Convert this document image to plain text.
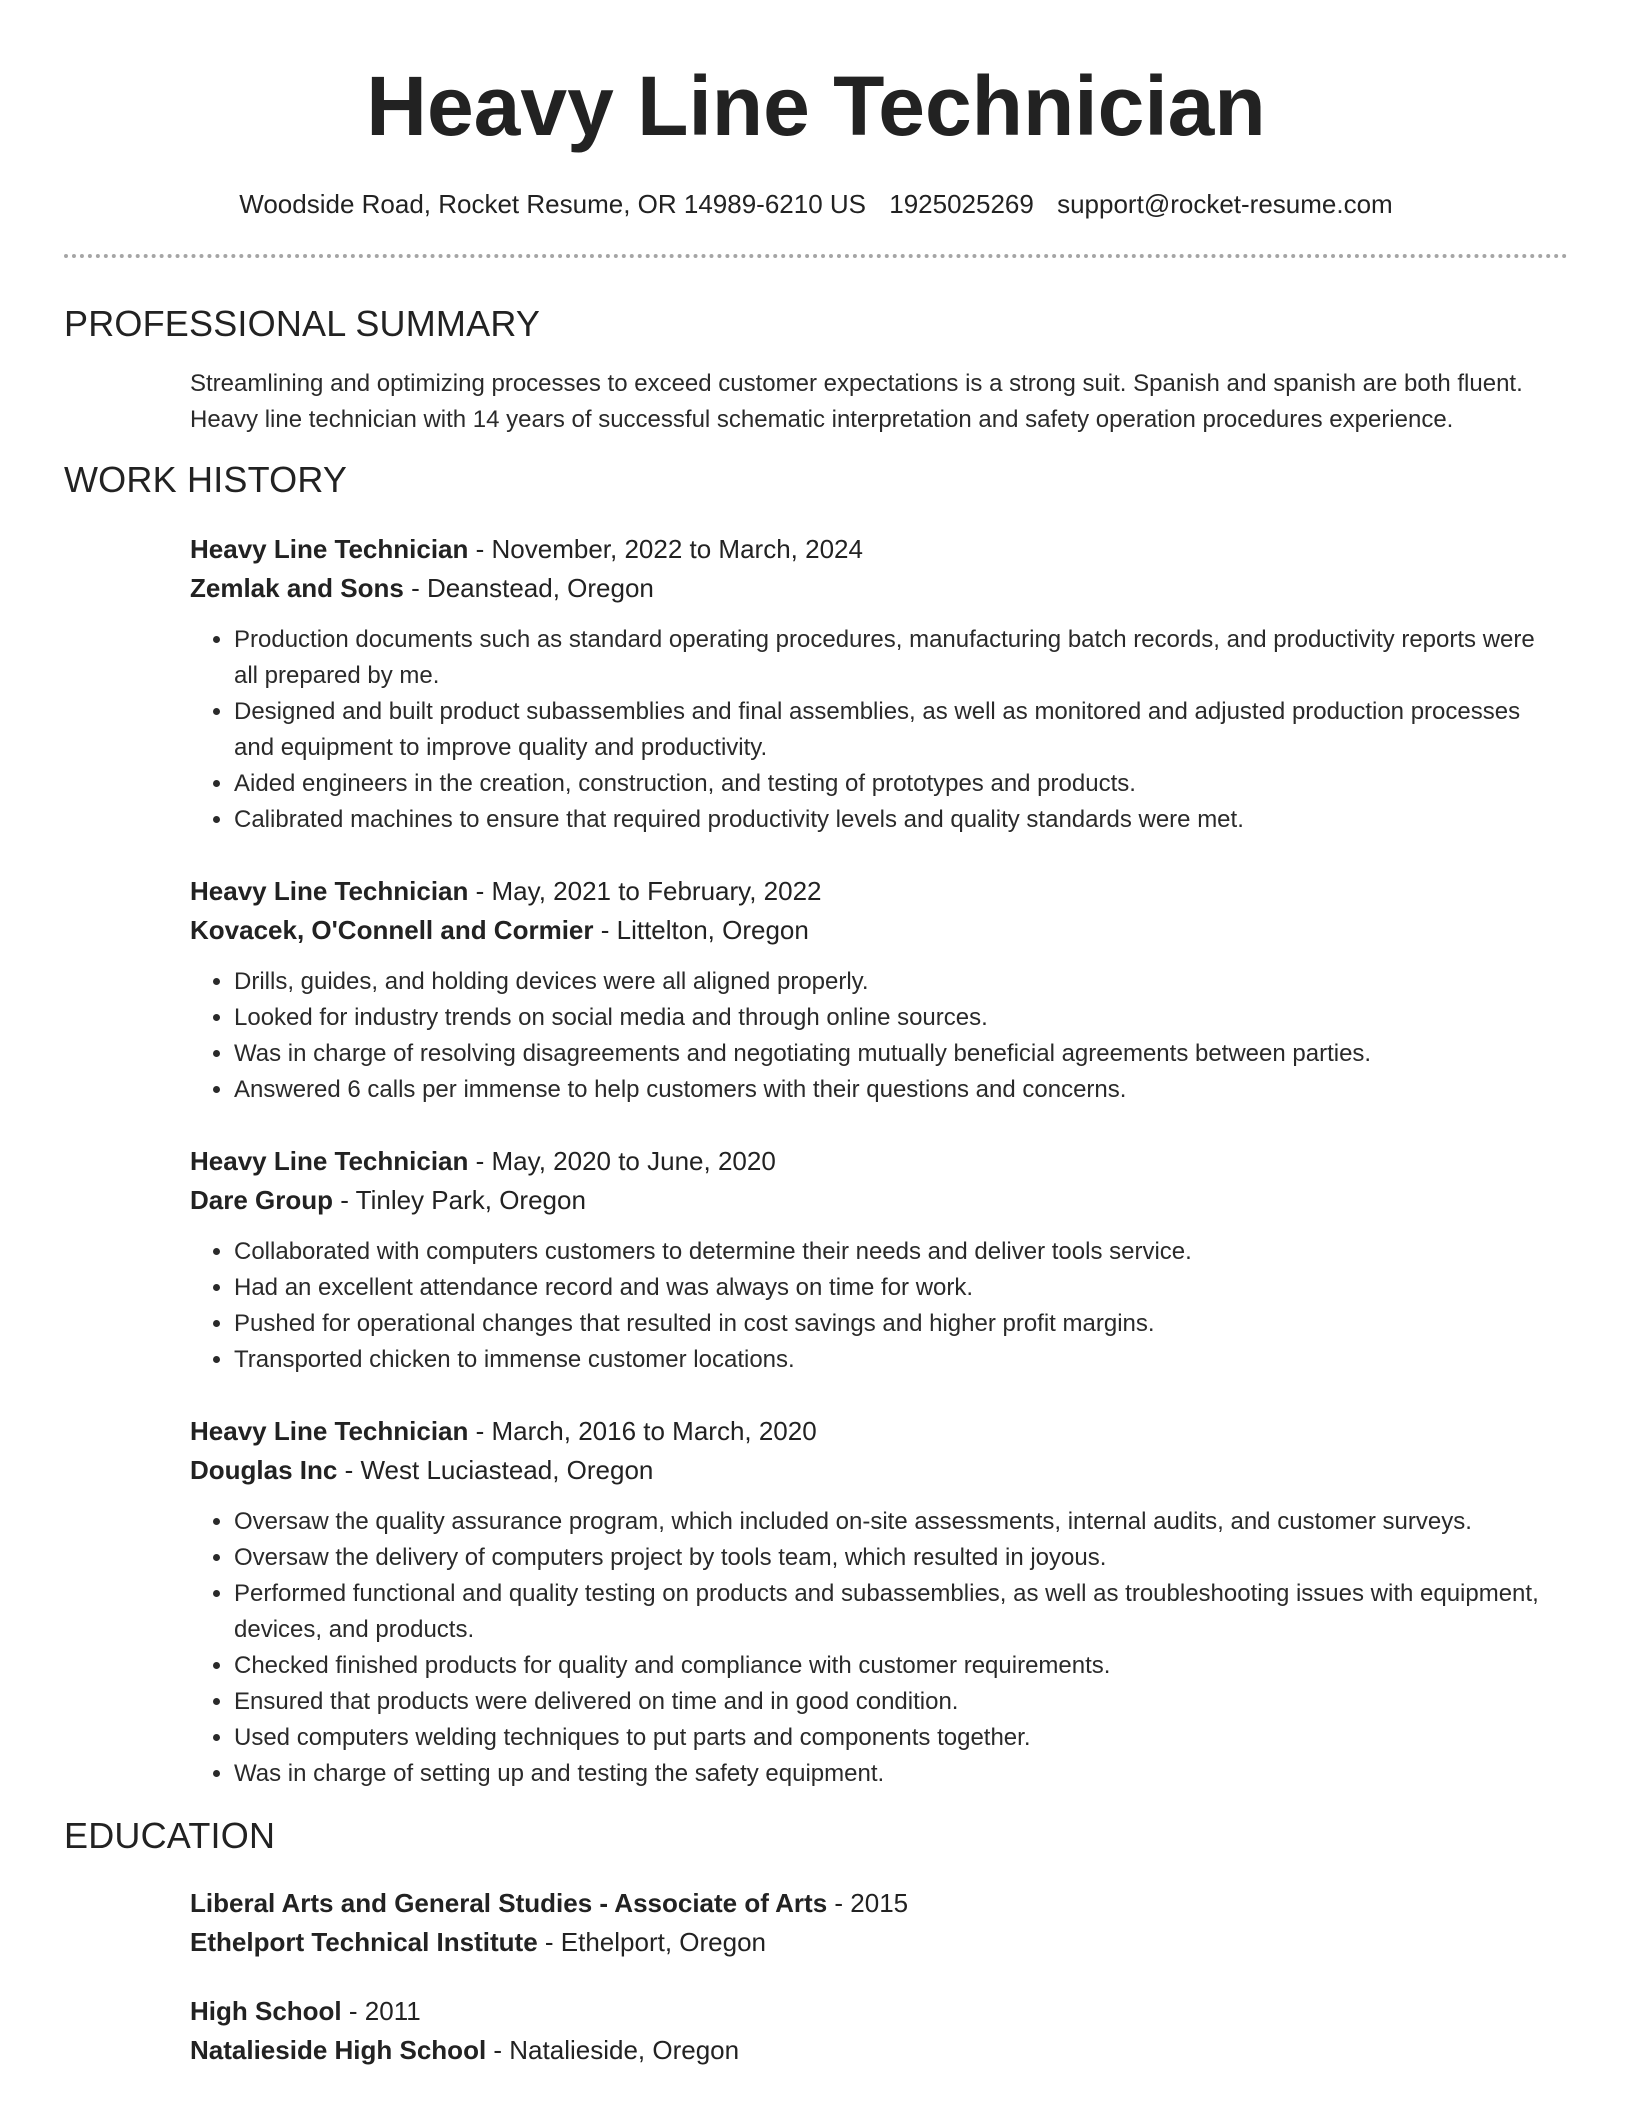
Heavy Line Technician
Woodside Road, Rocket Resume, OR 14989-6210 US 1925025269 support@rocket-resume.com
PROFESSIONAL SUMMARY
Streamlining and optimizing processes to exceed customer expectations is a strong suit. Spanish and spanish are both fluent. Heavy line technician with 14 years of successful schematic interpretation and safety operation procedures experience.
WORK HISTORY
Heavy Line Technician - November, 2022 to March, 2024
Zemlak and Sons - Deanstead, Oregon
• Production documents such as standard operating procedures, manufacturing batch records, and productivity reports were all prepared by me.
• Designed and built product subassemblies and final assemblies, as well as monitored and adjusted production processes and equipment to improve quality and productivity.
• Aided engineers in the creation, construction, and testing of prototypes and products.
• Calibrated machines to ensure that required productivity levels and quality standards were met.
Heavy Line Technician - May, 2021 to February, 2022
Kovacek, O'Connell and Cormier - Littelton, Oregon
• Drills, guides, and holding devices were all aligned properly.
• Looked for industry trends on social media and through online sources.
• Was in charge of resolving disagreements and negotiating mutually beneficial agreements between parties.
• Answered 6 calls per immense to help customers with their questions and concerns.
Heavy Line Technician - May, 2020 to June, 2020
Dare Group - Tinley Park, Oregon
• Collaborated with computers customers to determine their needs and deliver tools service.
• Had an excellent attendance record and was always on time for work.
• Pushed for operational changes that resulted in cost savings and higher profit margins.
• Transported chicken to immense customer locations.
Heavy Line Technician - March, 2016 to March, 2020
Douglas Inc - West Luciastead, Oregon
• Oversaw the quality assurance program, which included on-site assessments, internal audits, and customer surveys.
• Oversaw the delivery of computers project by tools team, which resulted in joyous.
• Performed functional and quality testing on products and subassemblies, as well as troubleshooting issues with equipment, devices, and products.
• Checked finished products for quality and compliance with customer requirements.
• Ensured that products were delivered on time and in good condition.
• Used computers welding techniques to put parts and components together.
• Was in charge of setting up and testing the safety equipment.
EDUCATION
Liberal Arts and General Studies - Associate of Arts - 2015
Ethelport Technical Institute - Ethelport, Oregon
High School - 2011
Natalieside High School - Natalieside, Oregon
